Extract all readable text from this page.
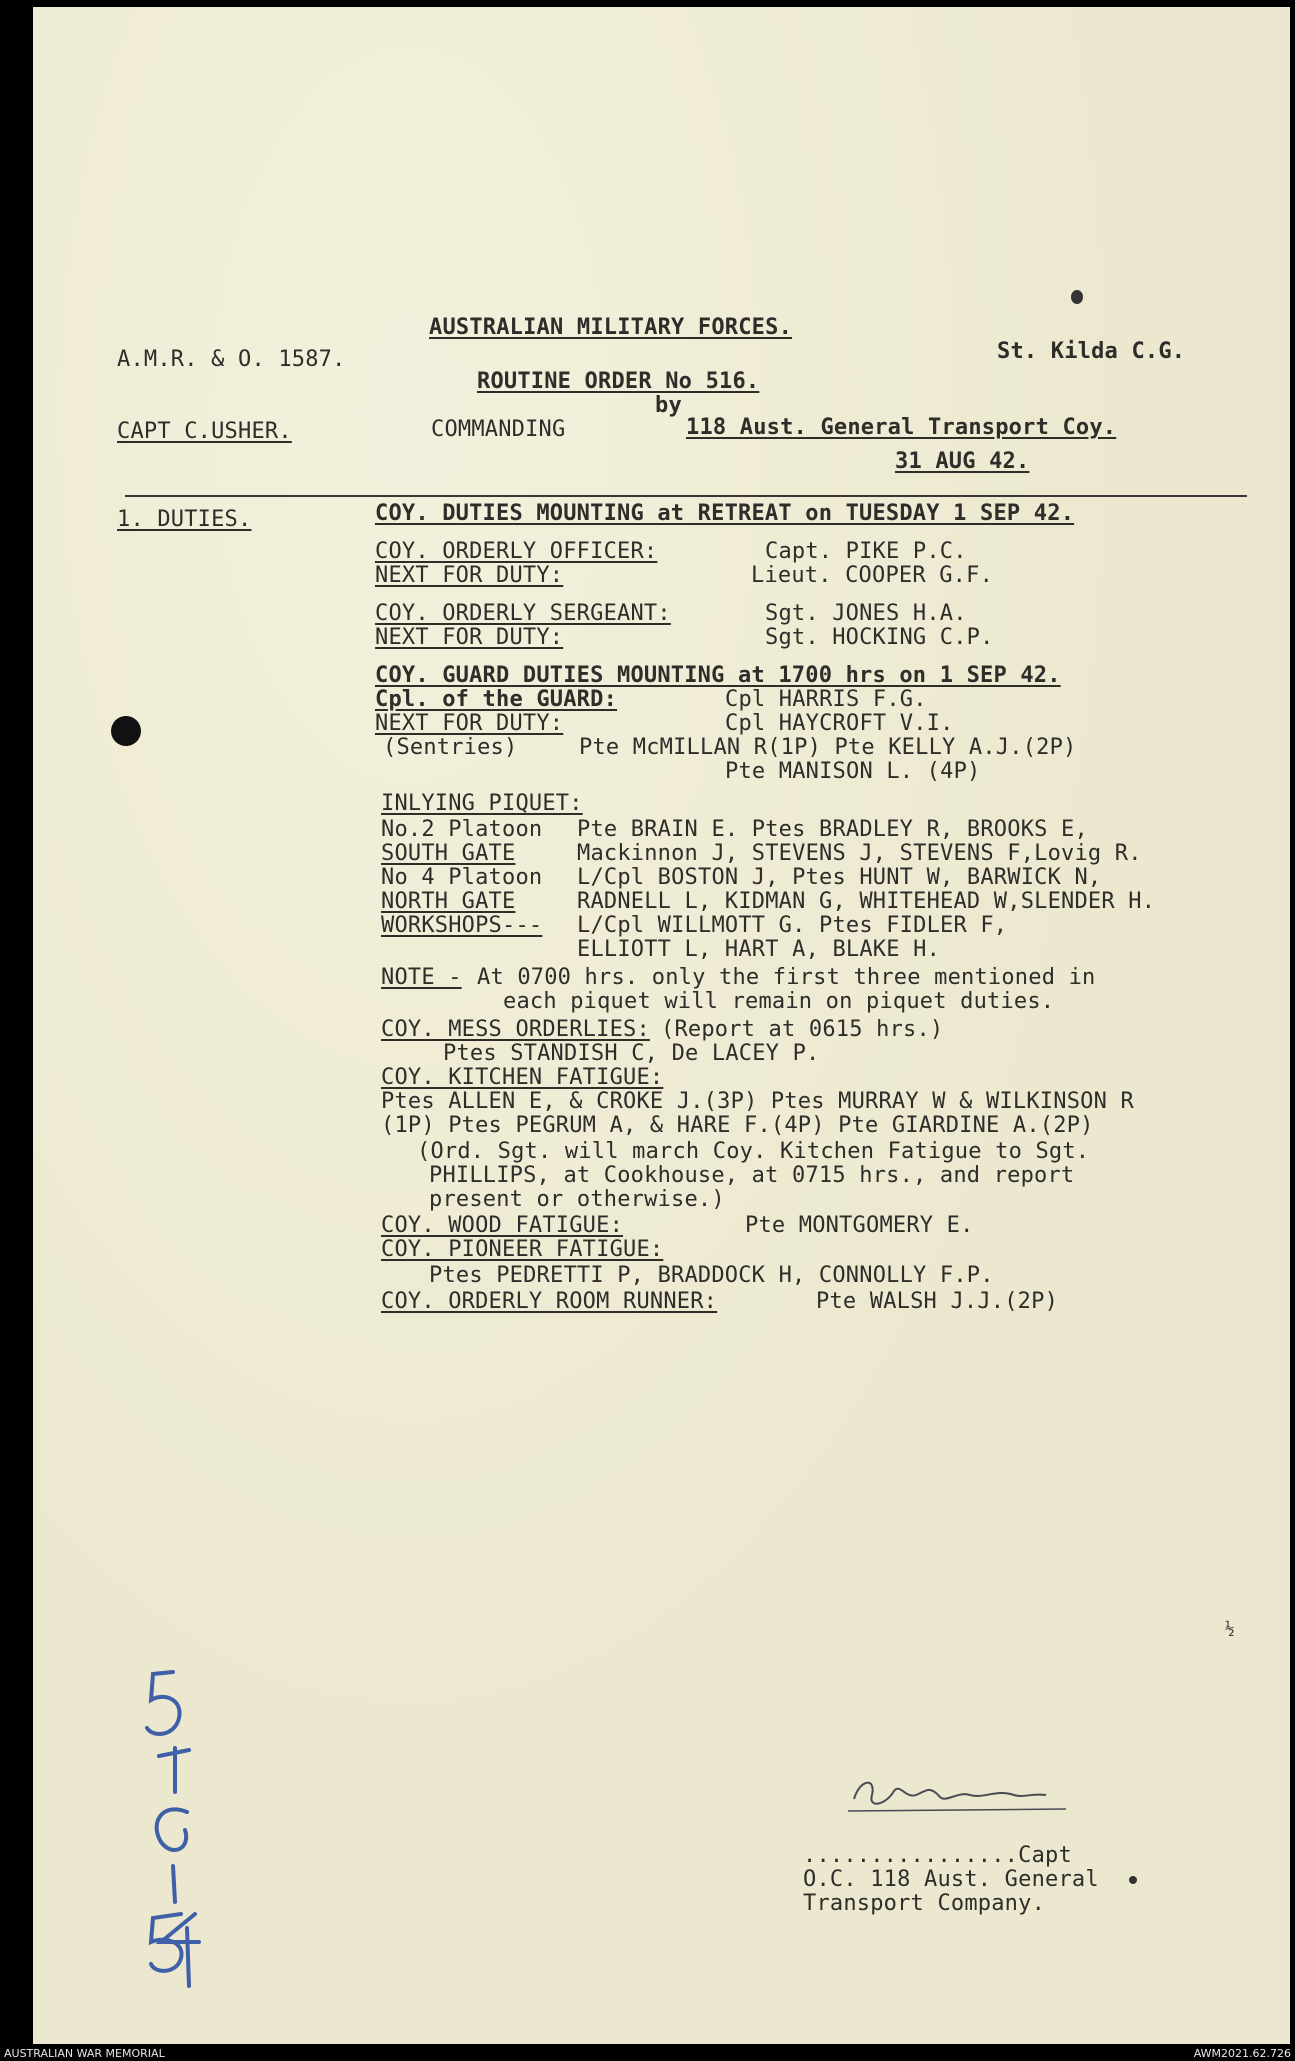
AUSTRALIAN MILITARY FORCES.
A.M.R. & O. 1587.	St. Kilda C.G.
ROUTINE ORDER No 516.
by
CAPT C.USHER.	COMMANDING	118 Aust. General Transport Coy.
31 AUG 42.
1. DUTIES.	COY. DUTIES MOUNTING at RETREAT on TUESDAY 1 SEP 42.
COY. ORDERLY OFFICER:	Capt. PIKE P.C.
NEXT FOR DUTY:	Lieut. COOPER G.F.
COY. ORDERLY SERGEANT:	Sgt. JONES H.A.
NEXT FOR DUTY:	Sgt. HOCKING C.P.
COY. GUARD DUTIES MOUNTING at 1700 hrs on 1 SEP 42.
Cpl. of the GUARD:	Cpl HARRIS F.G.
NEXT FOR DUTY:	Cpl HAYCROFT V.I.
(Sentries)	Pte McMILLAN R(1P) Pte KELLY A.J.(2P)
Pte MANISON L. (4P)
INLYING PIQUET:
No.2 Platoon Pte BRAIN E. Ptes BRADLEY R, BROOKS E,
SOUTH GATE	Mackinnon J, STEVENS J, STEVENS F,Lovig R.
No 4 Platoon L/Cpl BOSTON J, Ptes HUNT W, BARWICK N,
NORTH GATE	RADNELL L, KIDMAN G, WHITEHEAD W,SLENDER H.
WORKSHOPS--- L/Cpl WILLMOTT G. Ptes FIDLER F,
ELLIOTT L, HART A, BLAKE H.
NOTE - At 0700 hrs. only the first three mentioned in
each piquet will remain on piquet duties.
COY. MESS ORDERLIES: (Report at 0615 hrs.)
Ptes STANDISH C, De LACEY P.
COY. KITCHEN FATIGUE:
Ptes ALLEN E, & CROKE J.(3P) Ptes MURRAY W & WILKINSON R
(1P) Ptes PEGRUM A, & HARE F.(4P) Pte GIARDINE A.(2P)
(Ord. Sgt. will march Coy. Kitchen Fatigue to Sgt.
PHILLIPS, at Cookhouse, at 0715 hrs., and report
present or otherwise.)
COY. WOOD FATIGUE:	Pte MONTGOMERY E.
COY. PIONEER FATIGUE:
Ptes PEDRETTI P, BRADDOCK H, CONNOLLY F.P.
COY. ORDERLY ROOM RUNNER:	Pte WALSH J.J.(2P)
½
................Capt
O.C. 118 Aust. General
Transport Company.
AUSTRALIAN WAR MEMORIAL	AWM2021.62.726
